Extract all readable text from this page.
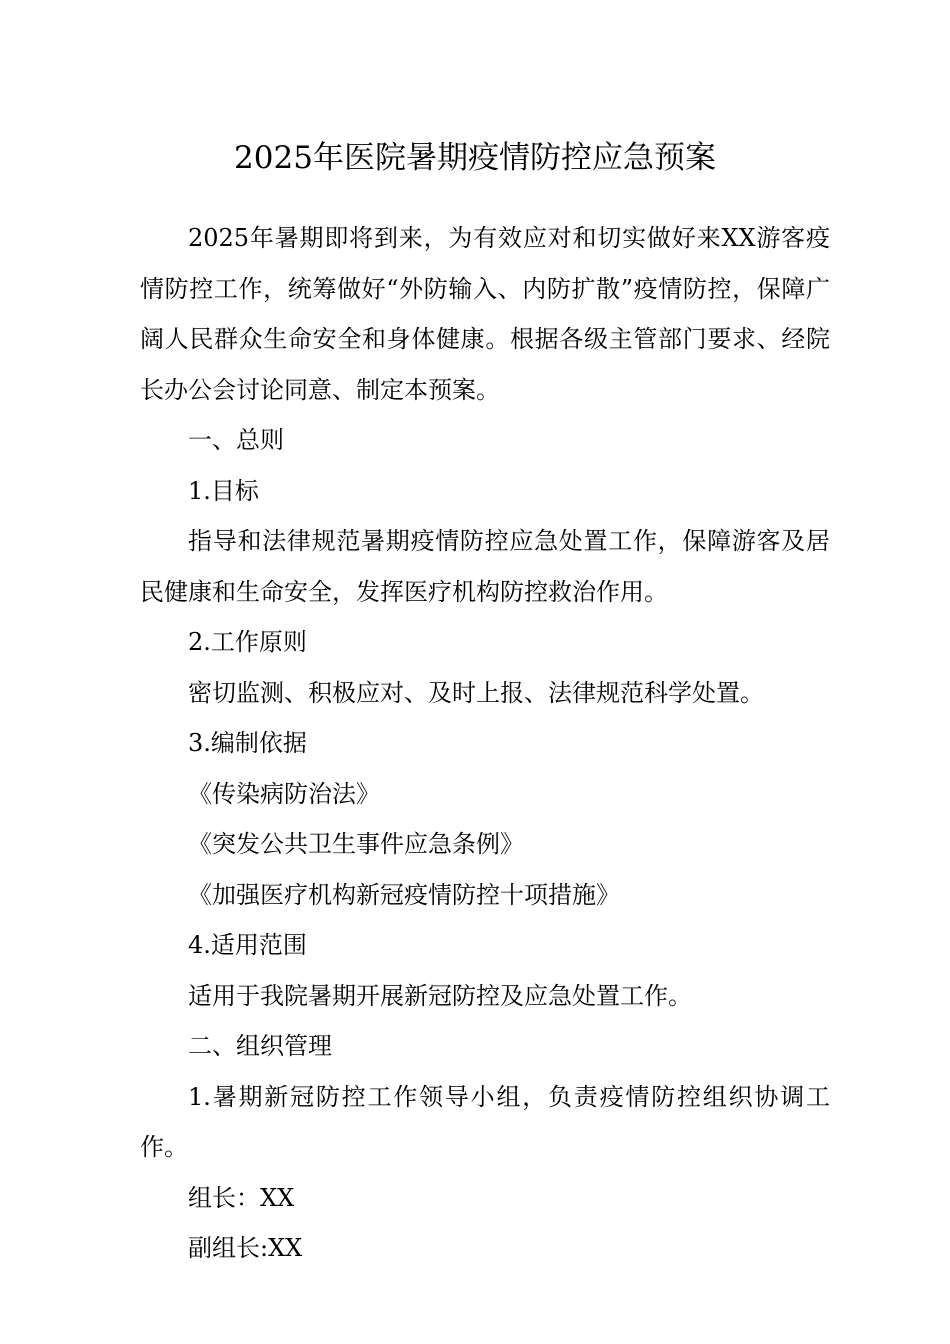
2025年医院暑期疫情防控应急预案

2025年暑期即将到来，为有效应对和切实做好来XX游客疫情防控工作，统筹做好“外防输入、内防扩散”疫情防控，保障广阔人民群众生命安全和身体健康。根据各级主管部门要求、经院长办公会讨论同意、制定本预案。

一、总则

1.目标

指导和法律规范暑期疫情防控应急处置工作，保障游客及居民健康和生命安全，发挥医疗机构防控救治作用。

2.工作原则

密切监测、积极应对、及时上报、法律规范科学处置。

3.编制依据

《传染病防治法》

《突发公共卫生事件应急条例》

《加强医疗机构新冠疫情防控十项措施》

4.适用范围

适用于我院暑期开展新冠防控及应急处置工作。

二、组织管理

1.暑期新冠防控工作领导小组，负责疫情防控组织协调工作。

组长：XX

副组长:XX
